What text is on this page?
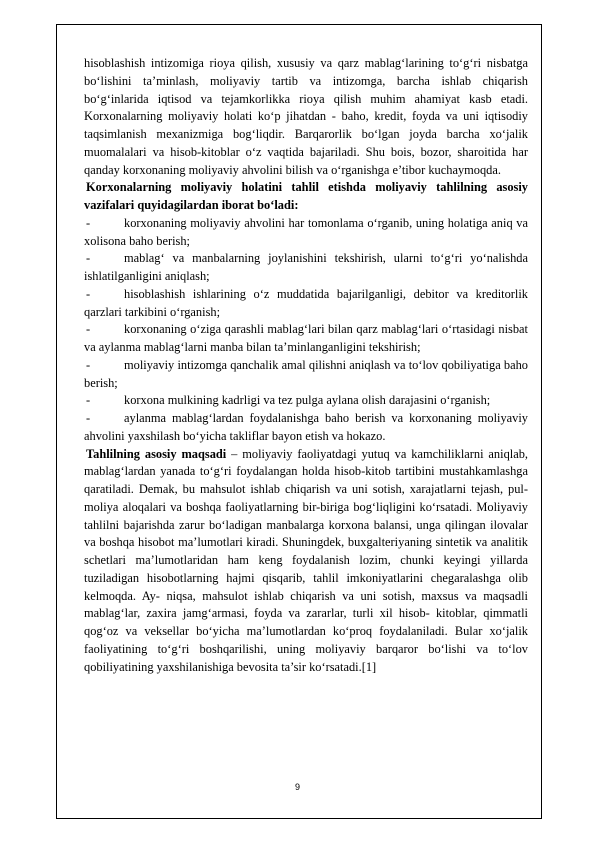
hisoblashish intizomiga rioya qilish, xususiy va qarz mablag‘larining to‘g‘ri nisbatga bo‘lishini ta’minlash, moliyaviy tartib va intizomga, barcha ishlab chiqarish bo‘g‘inlarida iqtisod va tejamkorlikka rioya qilish muhim ahamiyat kasb etadi. Korxonalarning moliyaviy holati ko‘p jihatdan - baho, kredit, foyda va uni iqtisodiy taqsimlanish mexanizmiga bog‘liqdir. Barqarorlik bo‘lgan joyda barcha xo‘jalik muomalalari va hisob-kitoblar o‘z vaqtida bajariladi. Shu bois, bozor, sharoitida har qanday korxonaning moliyaviy ahvolini bilish va o‘rganishga e’tibor kuchaymoqda.

Korxonalarning moliyaviy holatini tahlil etishda moliyaviy tahlilning asosiy vazifalari quyidagilardan iborat bo‘ladi:

-	korxonaning moliyaviy ahvolini har tomonlama o‘rganib, uning holatiga aniq va xolisona baho berish;

-	mablag‘ va manbalarning joylanishini tekshirish, ularni to‘g‘ri yo‘nalishda ishlatilganligini aniqlash;

-	hisoblashish ishlarining o‘z muddatida bajarilganligi, debitor va kreditorlik qarzlari tarkibini o‘rganish;

-	korxonaning o‘ziga qarashli mablag‘lari bilan qarz mablag‘lari o‘rtasidagi nisbat va aylanma mablag‘larni manba bilan ta’minlanganligini tekshirish;

-	moliyaviy intizomga qanchalik amal qilishni aniqlash va to‘lov qobiliyatiga baho berish;

-	korxona mulkining kadrligi va tez pulga aylana olish darajasini o‘rganish;

-	aylanma mablag‘lardan foydalanishga baho berish va korxonaning moliyaviy ahvolini yaxshilash bo‘yicha takliflar bayon etish va hokazo.

Tahlilning asosiy maqsadi – moliyaviy faoliyatdagi yutuq va kamchiliklarni aniqlab, mablag‘lardan yanada to‘g‘ri foydalangan holda hisob-kitob tartibini mustahkamlashga qaratiladi. Demak, bu mahsulot ishlab chiqarish va uni sotish, xarajatlarni tejash, pul-moliya aloqalari va boshqa faoliyatlarning bir-biriga bog‘liqligini ko‘rsatadi. Moliyaviy tahlilni bajarishda zarur bo‘ladigan manbalarga korxona balansi, unga qilingan ilovalar va boshqa hisobot ma’lumotlari kiradi. Shuningdek, buxgalteriyaning sintetik va analitik schetlari ma’lumotlaridan ham keng foydalanish lozim, chunki keyingi yillarda tuziladigan hisobotlarning hajmi qisqarib, tahlil imkoniyatlarini chegaralashga olib kelmoqda. Ay- niqsa, mahsulot ishlab chiqarish va uni sotish, maxsus va maqsadli mablag‘lar, zaxira jamg‘armasi, foyda va zararlar, turli xil hisob- kitoblar, qimmatli qog‘oz va veksellar bo‘yicha ma’lumotlardan ko‘proq foydalaniladi. Bular xo‘jalik faoliyatining to‘g‘ri boshqarilishi, uning moliyaviy barqaror bo‘lishi va to‘lov qobiliyatining yaxshilanishiga bevosita ta’sir ko‘rsatadi.[1]

9
